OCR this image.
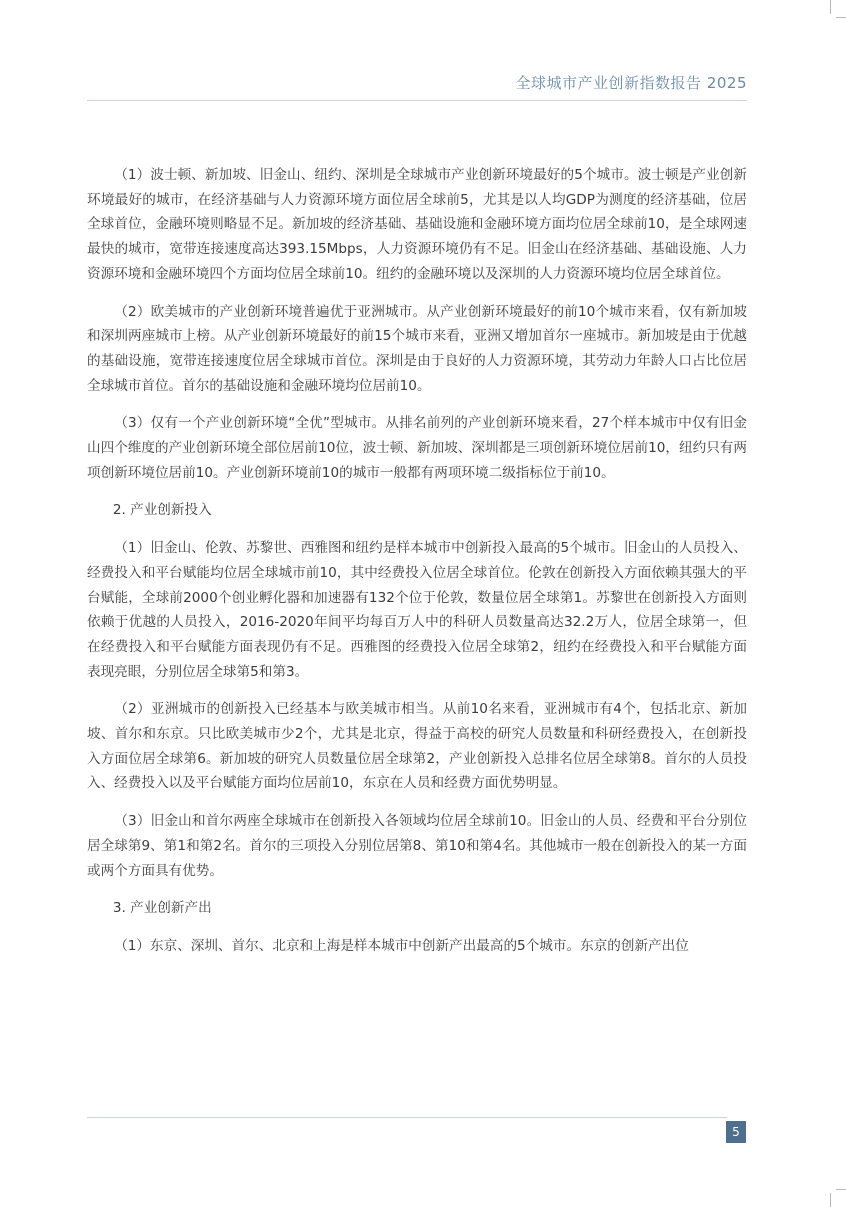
全球城市产业创新指数报告 2025

（1）波士顿、新加坡、旧金山、纽约、深圳是全球城市产业创新环境最好的5个城市。波士顿是产业创新环境最好的城市，在经济基础与人力资源环境方面位居全球前5，尤其是以人均GDP为测度的经济基础，位居全球首位，金融环境则略显不足。新加坡的经济基础、基础设施和金融环境方面均位居全球前10，是全球网速最快的城市，宽带连接速度高达393.15Mbps，人力资源环境仍有不足。旧金山在经济基础、基础设施、人力资源环境和金融环境四个方面均位居全球前10。纽约的金融环境以及深圳的人力资源环境均位居全球首位。

（2）欧美城市的产业创新环境普遍优于亚洲城市。从产业创新环境最好的前10个城市来看，仅有新加坡和深圳两座城市上榜。从产业创新环境最好的前15个城市来看，亚洲又增加首尔一座城市。新加坡是由于优越的基础设施，宽带连接速度位居全球城市首位。深圳是由于良好的人力资源环境，其劳动力年龄人口占比位居全球城市首位。首尔的基础设施和金融环境均位居前10。

（3）仅有一个产业创新环境“全优”型城市。从排名前列的产业创新环境来看，27个样本城市中仅有旧金山四个维度的产业创新环境全部位居前10位，波士顿、新加坡、深圳都是三项创新环境位居前10，纽约只有两项创新环境位居前10。产业创新环境前10的城市一般都有两项环境二级指标位于前10。

2. 产业创新投入

（1）旧金山、伦敦、苏黎世、西雅图和纽约是样本城市中创新投入最高的5个城市。旧金山的人员投入、经费投入和平台赋能均位居全球城市前10，其中经费投入位居全球首位。伦敦在创新投入方面依赖其强大的平台赋能，全球前2000个创业孵化器和加速器有132个位于伦敦，数量位居全球第1。苏黎世在创新投入方面则依赖于优越的人员投入，2016-2020年间平均每百万人中的科研人员数量高达32.2万人，位居全球第一，但在经费投入和平台赋能方面表现仍有不足。西雅图的经费投入位居全球第2，纽约在经费投入和平台赋能方面表现亮眼，分别位居全球第5和第3。

（2）亚洲城市的创新投入已经基本与欧美城市相当。从前10名来看，亚洲城市有4个，包括北京、新加坡、首尔和东京。只比欧美城市少2个，尤其是北京，得益于高校的研究人员数量和科研经费投入，在创新投入方面位居全球第6。新加坡的研究人员数量位居全球第2，产业创新投入总排名位居全球第8。首尔的人员投入、经费投入以及平台赋能方面均位居前10，东京在人员和经费方面优势明显。

（3）旧金山和首尔两座全球城市在创新投入各领域均位居全球前10。旧金山的人员、经费和平台分别位居全球第9、第1和第2名。首尔的三项投入分别位居第8、第10和第4名。其他城市一般在创新投入的某一方面或两个方面具有优势。

3. 产业创新产出

（1）东京、深圳、首尔、北京和上海是样本城市中创新产出最高的5个城市。东京的创新产出位

5
